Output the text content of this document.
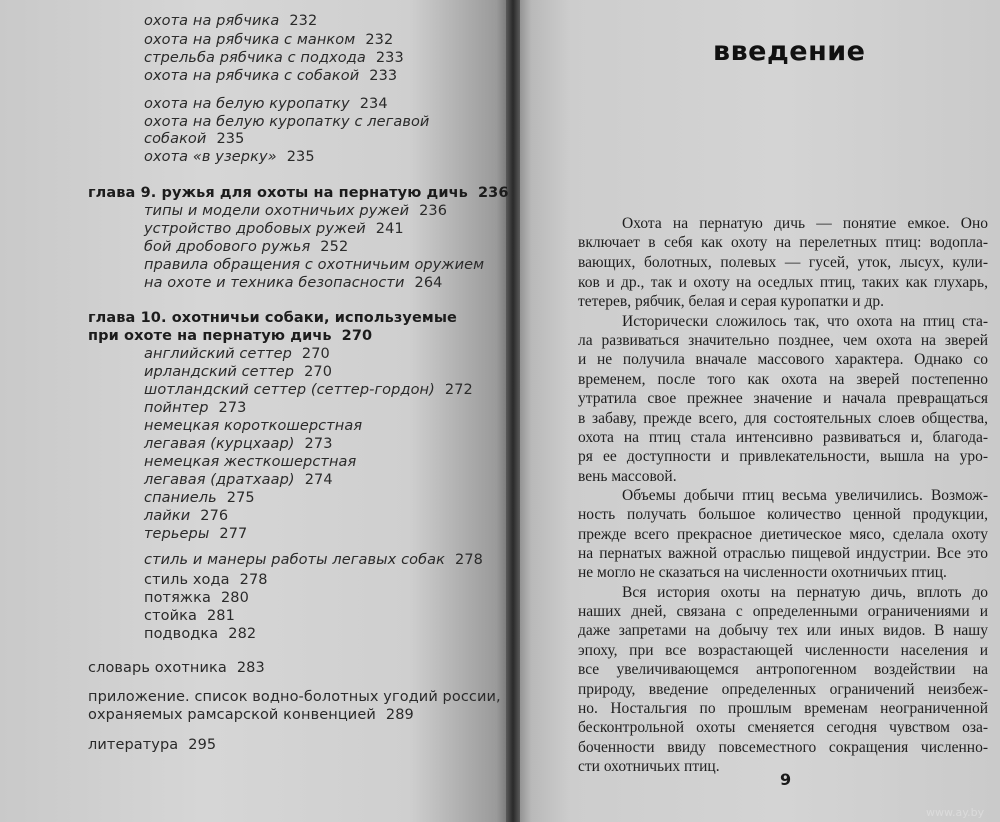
охота на рябчика 232
охота на рябчика с манком 232
стрельба рябчика с подхода 233
охота на рябчика с собакой 233
охота на белую куропатку 234
охота на белую куропатку с легавой
собакой 235
охота «в узерку» 235
глава 9. ружья для охоты на пернатую дичь 236
типы и модели охотничьих ружей 236
устройство дробовых ружей 241
бой дробового ружья 252
правила обращения с охотничьим оружием
на охоте и техника безопасности 264
глава 10. охотничьи собаки, используемые
при охоте на пернатую дичь 270
английский сеттер 270
ирландский сеттер 270
шотландский сеттер (сеттер-гордон) 272
пойнтер 273
немецкая короткошерстная
легавая (курцхаар) 273
немецкая жесткошерстная
легавая (дратхаар) 274
спаниель 275
лайки 276
терьеры 277
стиль и манеры работы легавых собак 278
стиль хода 278
потяжка 280
стойка 281
подводка 282
словарь охотника 283
приложение. список водно-болотных угодий россии,
охраняемых рамсарской конвенцией 289
литература 295
введение
Охота на пернатую дичь — понятие емкое. Оно
включает в себя как охоту на перелетных птиц: водопла-
вающих, болотных, полевых — гусей, уток, лысух, кули-
ков и др., так и охоту на оседлых птиц, таких как глухарь,
тетерев, рябчик, белая и серая куропатки и др.
Исторически сложилось так, что охота на птиц ста-
ла развиваться значительно позднее, чем охота на зверей
и не получила вначале массового характера. Однако со
временем, после того как охота на зверей постепенно
утратила свое прежнее значение и начала превращаться
в забаву, прежде всего, для состоятельных слоев общества,
охота на птиц стала интенсивно развиваться и, благода-
ря ее доступности и привлекательности, вышла на уро-
вень массовой.
Объемы добычи птиц весьма увеличились. Возмож-
ность получать большое количество ценной продукции,
прежде всего прекрасное диетическое мясо, сделала охоту
на пернатых важной отраслью пищевой индустрии. Все это
не могло не сказаться на численности охотничьих птиц.
Вся история охоты на пернатую дичь, вплоть до
наших дней, связана с определенными ограничениями и
даже запретами на добычу тех или иных видов. В нашу
эпоху, при все возрастающей численности населения и
все увеличивающемся антропогенном воздействии на
природу, введение определенных ограничений неизбеж-
но. Ностальгия по прошлым временам неограниченной
бесконтрольной охоты сменяется сегодня чувством оза-
боченности ввиду повсеместного сокращения численно-
сти охотничьих птиц.
9
www.ay.by
